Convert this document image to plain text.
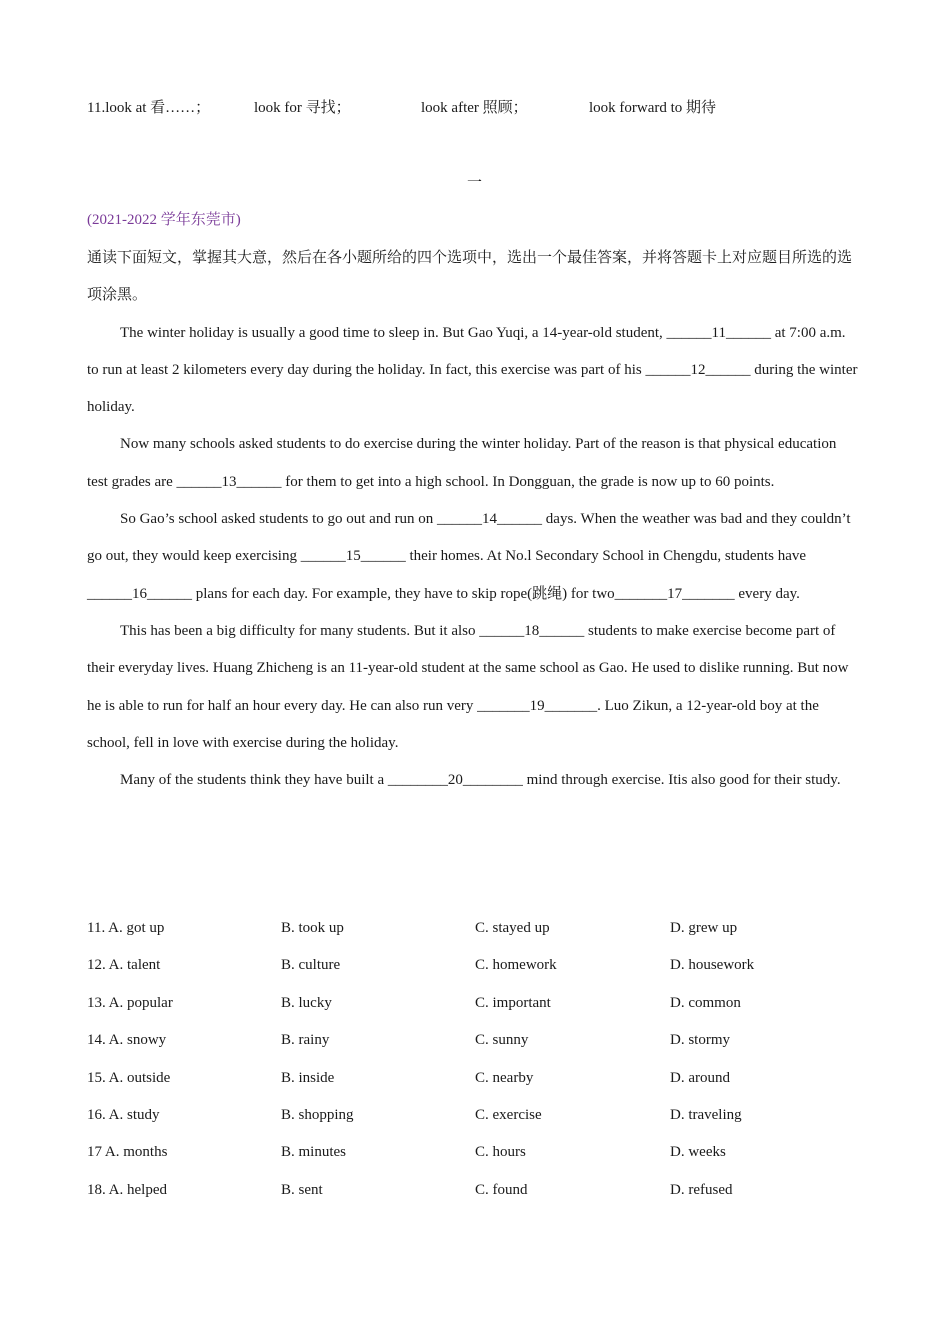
11.look at 看……；	look for 寻找；	look after 照顾；	look forward to 期待
一
(2021-2022 学年东莞市)

通读下面短文，掌握其大意，然后在各小题所给的四个选项中，选出一个最佳答案，并将答题卡上对应题目所选的选项涂黑。

The winter holiday is usually a good time to sleep in. But Gao Yuqi, a 14-year-old student, ______11______ at 7:00 a.m. to run at least 2 kilometers every day during the holiday. In fact, this exercise was part of his ______12______ during the winter holiday.

Now many schools asked students to do exercise during the winter holiday. Part of the reason is that physical education test grades are ______13______ for them to get into a high school. In Dongguan, the grade is now up to 60 points.

So Gao’s school asked students to go out and run on ______14______ days. When the weather was bad and they couldn’t go out, they would keep exercising ______15______ their homes. At No.l Secondary School in Chengdu, students have ______16______ plans for each day. For example, they have to skip rope(跳绳) for two_______17_______ every day.

This has been a big difficulty for many students. But it also ______18______ students to make exercise become part of their everyday lives. Huang Zhicheng is an 11-year-old student at the same school as Gao. He used to dislike running. But now he is able to run for half an hour every day. He can also run very _______19_______. Luo Zikun, a 12-year-old boy at the school, fell in love with exercise during the holiday.

Many of the students think they have built a ________20________ mind through exercise. Itis also good for their study.

11. A. got up	B. took up	C. stayed up	D. grew up
12. A. talent	B. culture	C. homework	D. housework
13. A. popular	B. lucky	C. important	D. common
14. A. snowy	B. rainy	C. sunny	D. stormy
15. A. outside	B. inside	C. nearby	D. around
16. A. study	B. shopping	C. exercise	D. traveling
17 A. months	B. minutes	C. hours	D. weeks
18. A. helped	B. sent	C. found	D. refused
